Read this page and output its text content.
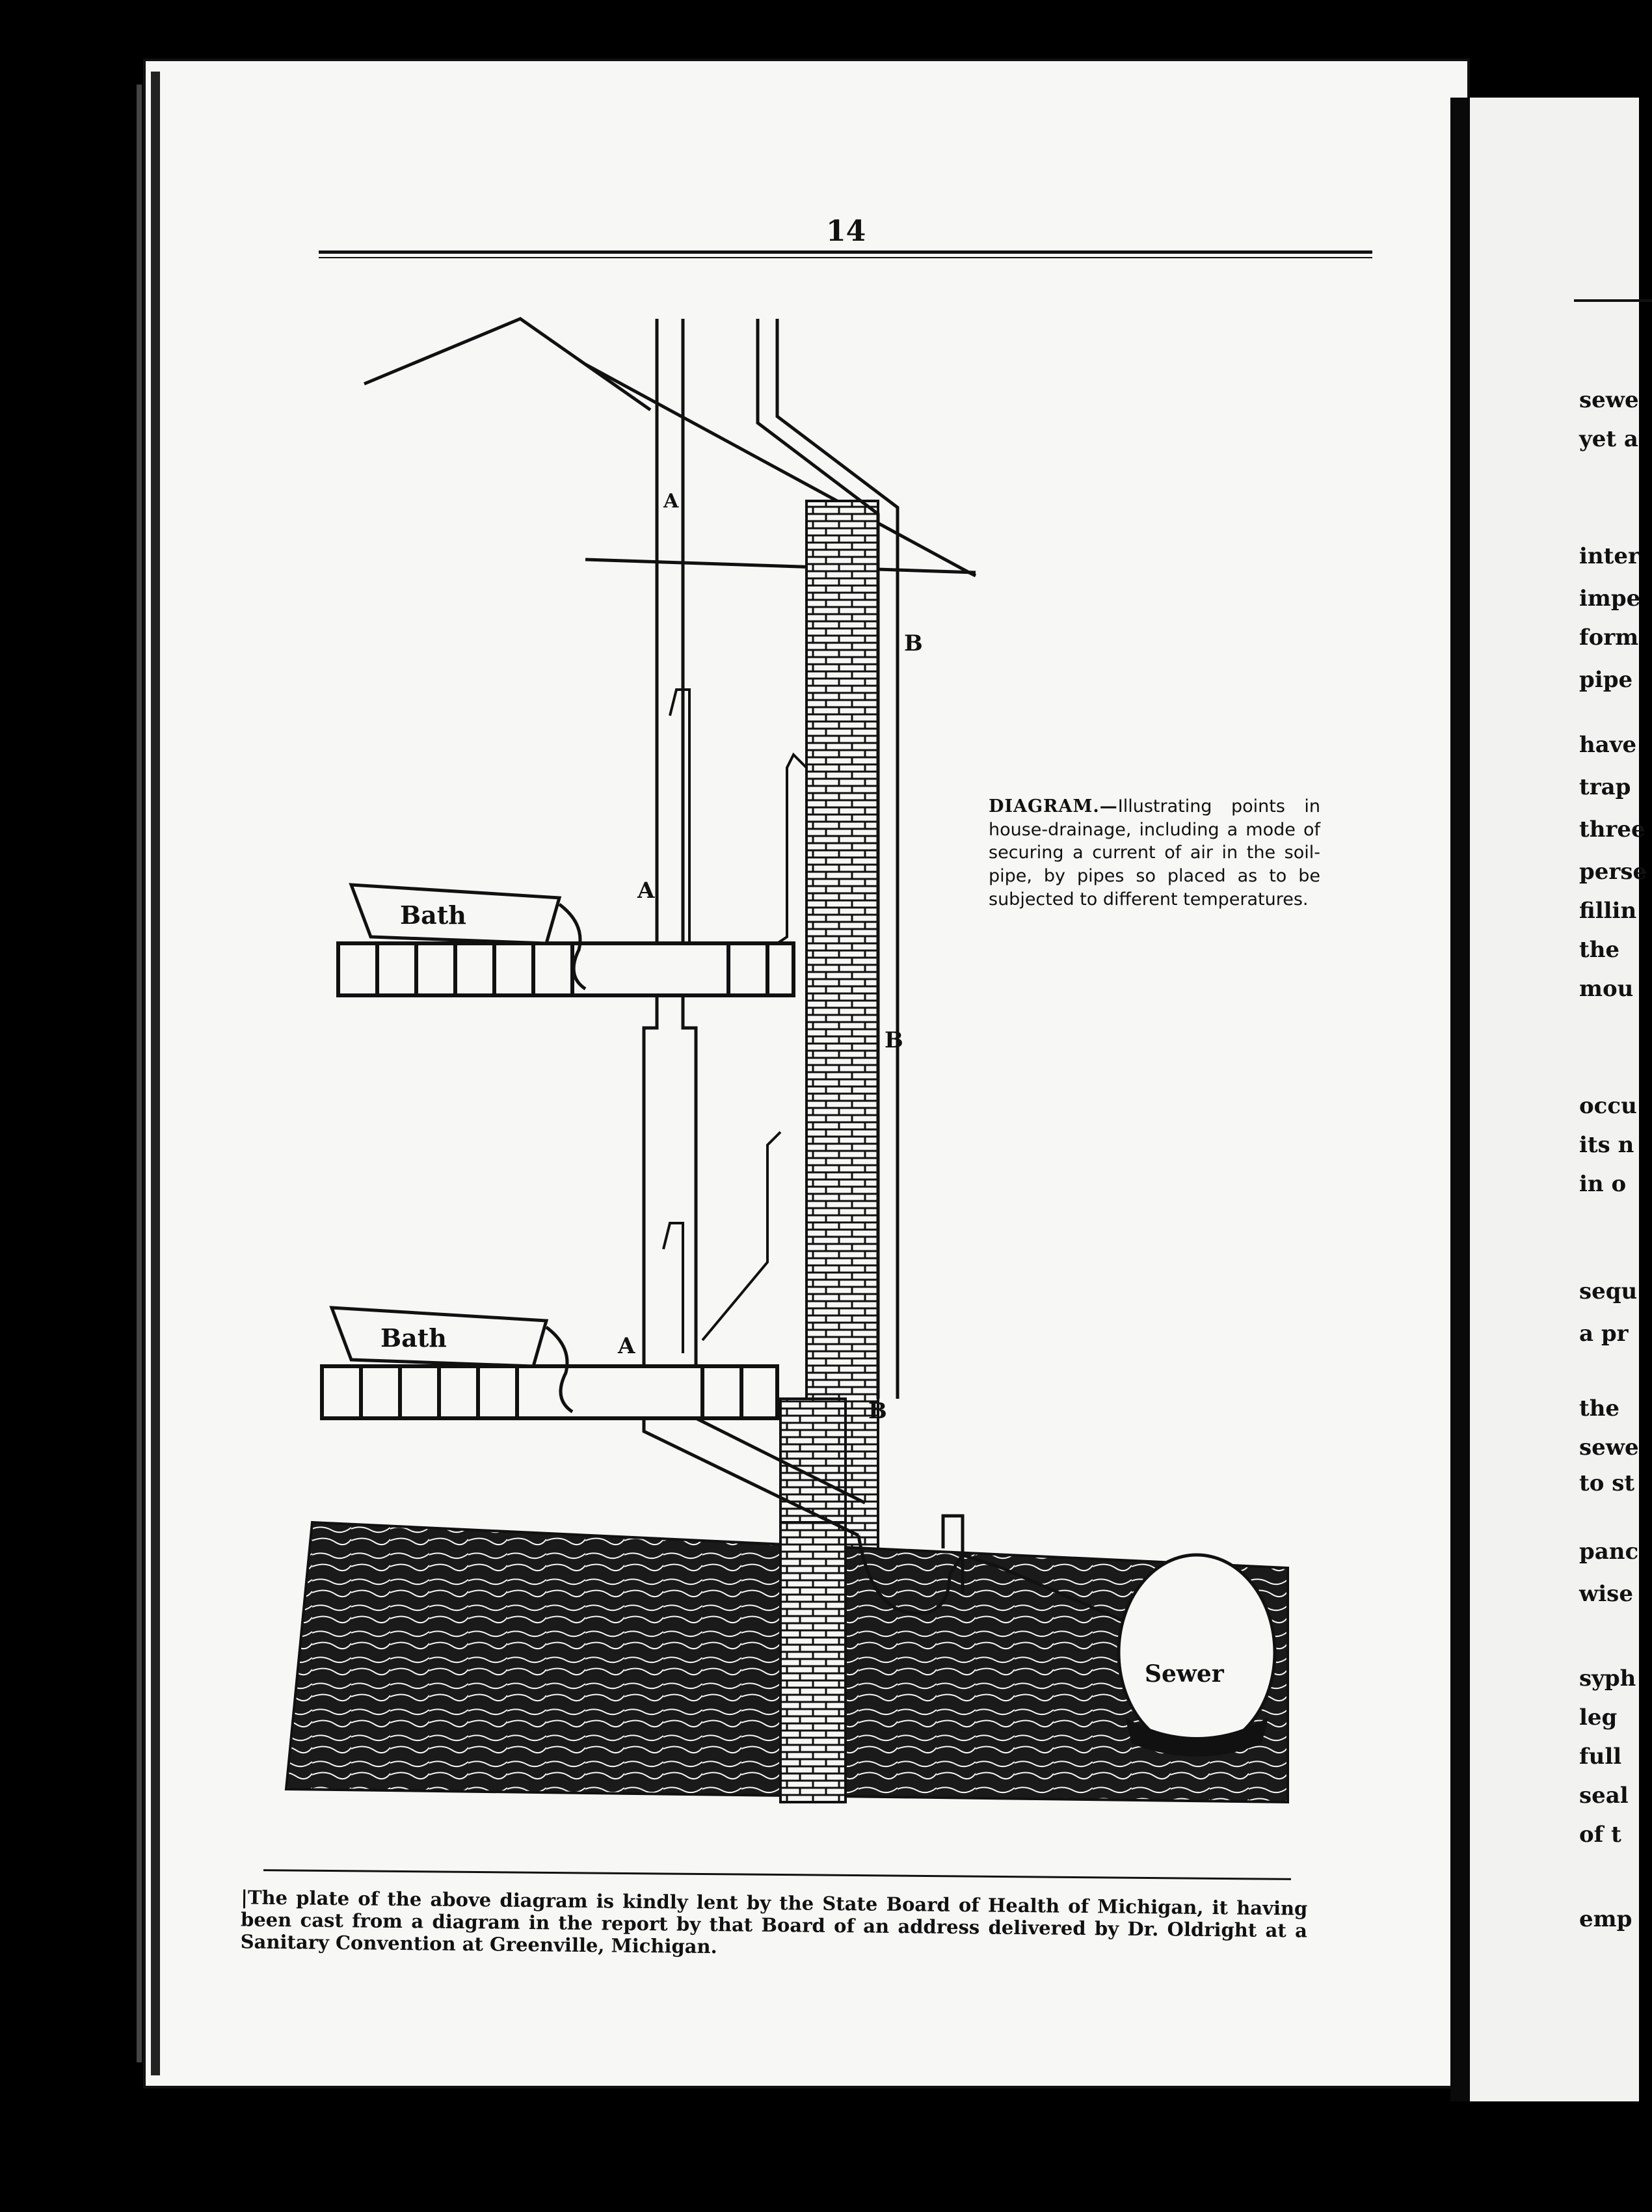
14
Bath
Bath
A
A
A
B
B
B
Sewer
DIAGRAM.—Illustrating points in house-drainage, including a mode of securing a current of air in the soil-pipe, by pipes so placed as to be subjected to different temperatures.
|The plate of the above diagram is kindly lent by the State Board of Health of Michigan, it having been cast from a diagram in the report by that Board of an address delivered by Dr. Oldright at a Sanitary Convention at Greenville, Michigan.
sewe
yet a
inter
impe
form
pipe
have
trap
three
perse
fillin
the
mou
occu
its n
in o
sequ
a pr
the
sewe
to st
panc
wise
syph
leg
full
seal
of t
emp
